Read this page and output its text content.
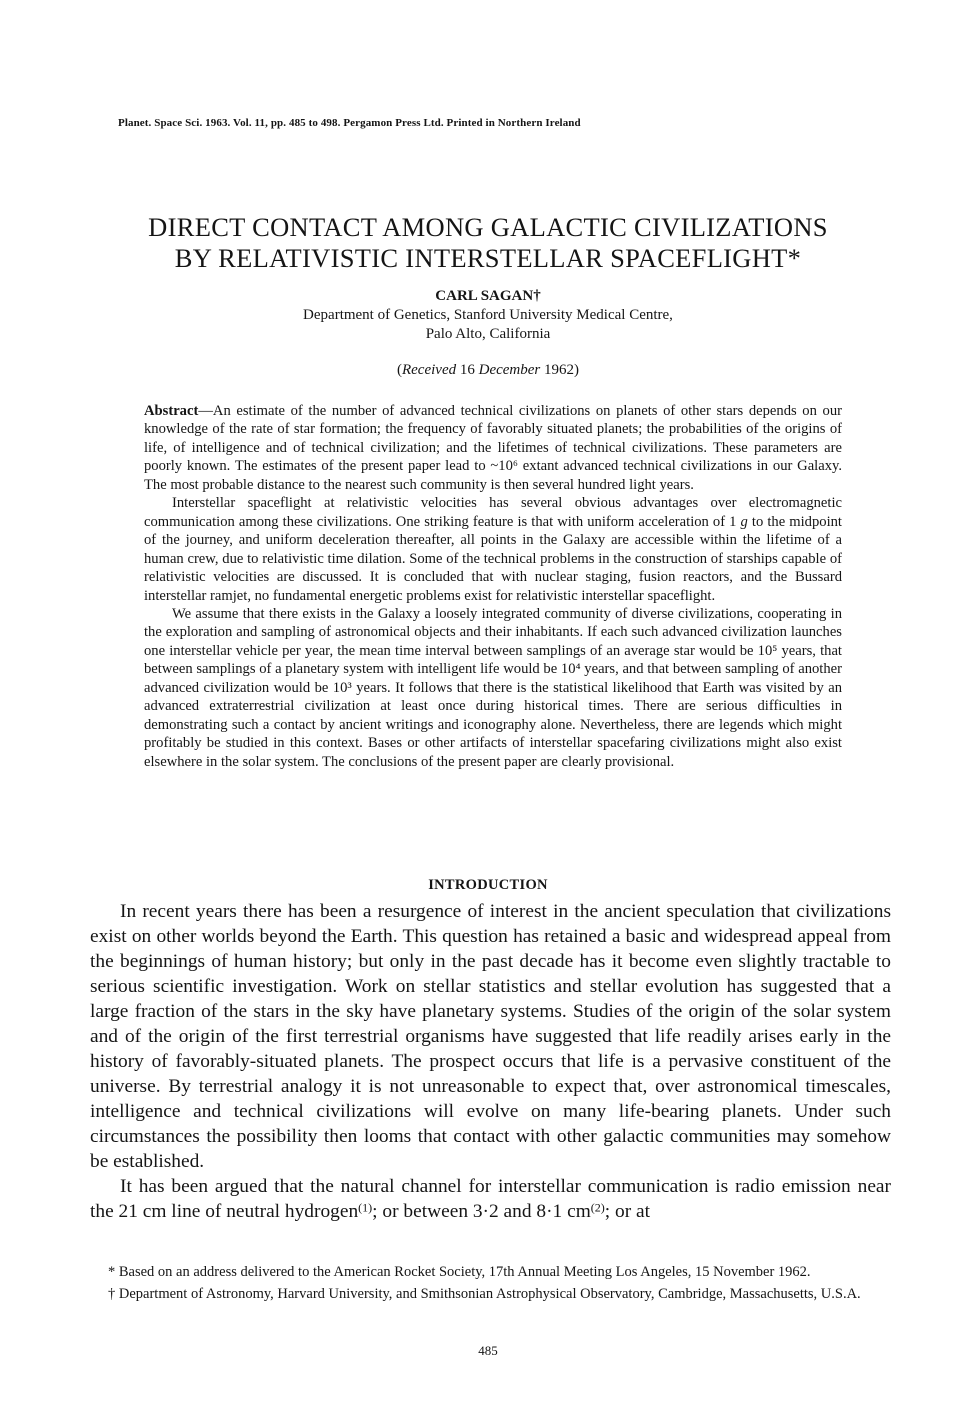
Planet. Space Sci. 1963. Vol. 11, pp. 485 to 498. Pergamon Press Ltd. Printed in Northern Ireland
DIRECT CONTACT AMONG GALACTIC CIVILIZATIONS
BY RELATIVISTIC INTERSTELLAR SPACEFLIGHT*
CARL SAGAN†
Department of Genetics, Stanford University Medical Centre,
Palo Alto, California
(Received 16 December 1962)

Abstract—An estimate of the number of advanced technical civilizations on planets of other stars depends on our knowledge of the rate of star formation; the frequency of favorably situated planets; the probabilities of the origins of life, of intelligence and of technical civilization; and the lifetimes of technical civilizations. These parameters are poorly known. The estimates of the present paper lead to ~10⁶ extant advanced technical civilizations in our Galaxy. The most probable distance to the nearest such community is then several hundred light years.

Interstellar spaceflight at relativistic velocities has several obvious advantages over electromagnetic communication among these civilizations. One striking feature is that with uniform acceleration of 1 g to the midpoint of the journey, and uniform deceleration thereafter, all points in the Galaxy are accessible within the lifetime of a human crew, due to relativistic time dilation. Some of the technical problems in the construction of starships capable of relativistic velocities are discussed. It is concluded that with nuclear staging, fusion reactors, and the Bussard interstellar ramjet, no fundamental energetic problems exist for relativistic interstellar spaceflight.

We assume that there exists in the Galaxy a loosely integrated community of diverse civilizations, cooperating in the exploration and sampling of astronomical objects and their inhabitants. If each such advanced civilization launches one interstellar vehicle per year, the mean time interval between samplings of an average star would be 10⁵ years, that between samplings of a planetary system with intelligent life would be 10⁴ years, and that between sampling of another advanced civilization would be 10³ years. It follows that there is the statistical likelihood that Earth was visited by an advanced extraterrestrial civilization at least once during historical times. There are serious difficulties in demonstrating such a contact by ancient writings and iconography alone. Nevertheless, there are legends which might profitably be studied in this context. Bases or other artifacts of interstellar spacefaring civilizations might also exist elsewhere in the solar system. The conclusions of the present paper are clearly provisional.

INTRODUCTION

In recent years there has been a resurgence of interest in the ancient speculation that civilizations exist on other worlds beyond the Earth. This question has retained a basic and widespread appeal from the beginnings of human history; but only in the past decade has it become even slightly tractable to serious scientific investigation. Work on stellar statistics and stellar evolution has suggested that a large fraction of the stars in the sky have planetary systems. Studies of the origin of the solar system and of the origin of the first terrestrial organisms have suggested that life readily arises early in the history of favorably-situated planets. The prospect occurs that life is a pervasive constituent of the universe. By terrestrial analogy it is not unreasonable to expect that, over astronomical timescales, intelligence and technical civilizations will evolve on many life-bearing planets. Under such circumstances the possibility then looms that contact with other galactic communities may somehow be established.

It has been argued that the natural channel for interstellar communication is radio emission near the 21 cm line of neutral hydrogen$^{(1)}$; or between 3·2 and 8·1 $cm^{(2)}$; or at

* Based on an address delivered to the American Rocket Society, 17th Annual Meeting Los Angeles, 15 November 1962.

† Department of Astronomy, Harvard University, and Smithsonian Astrophysical Observatory, Cambridge, Massachusetts, U.S.A.

485
